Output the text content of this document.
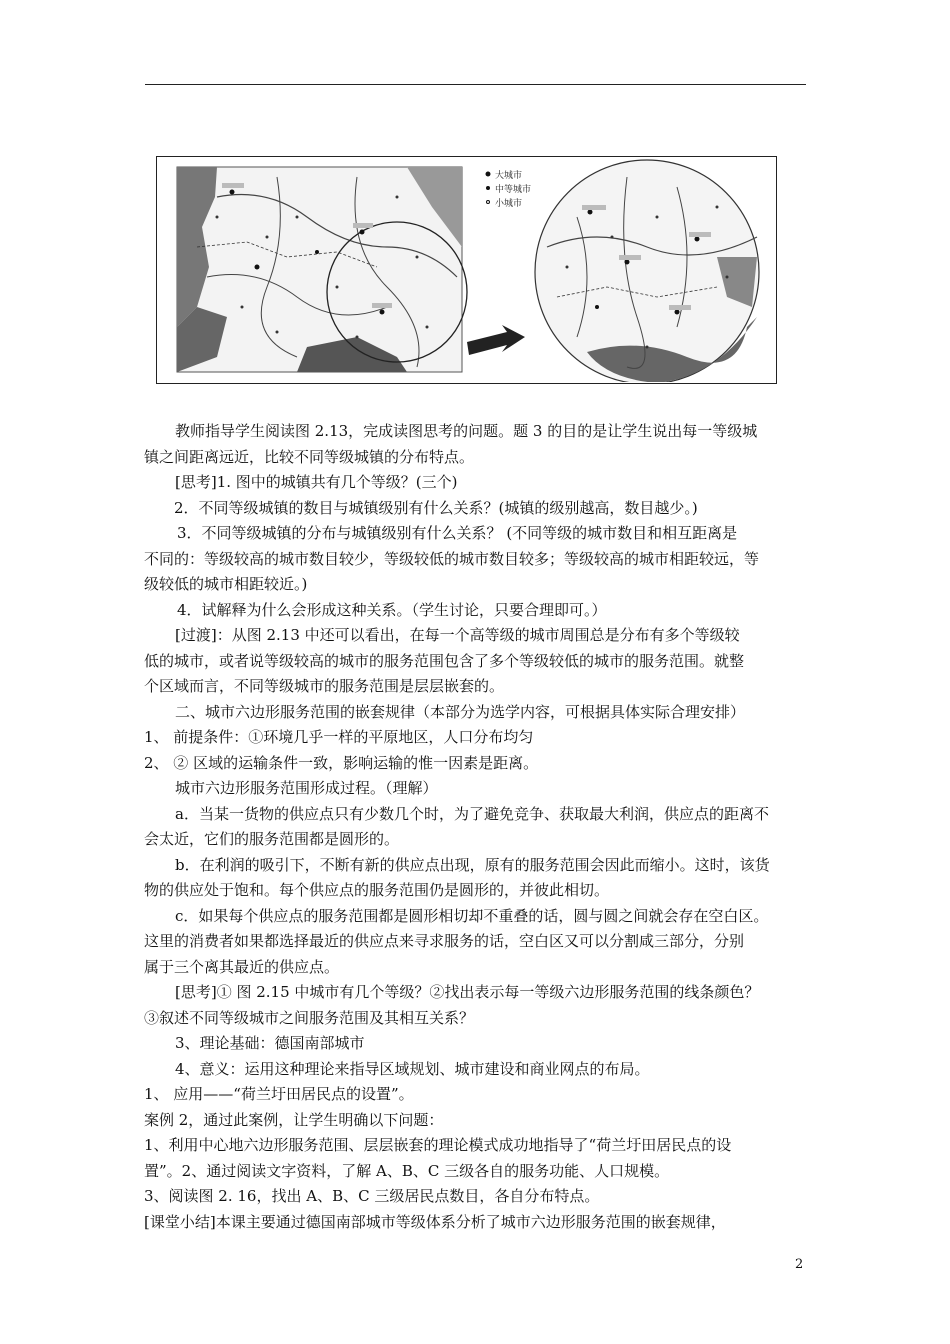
大城市
中等城市
小城市
教师指导学生阅读图 2.13，完成读图思考的问题。题 3 的目的是让学生说出每一等级城
镇之间距离远近，比较不同等级城镇的分布特点。
[思考]1. 图中的城镇共有几个等级？(三个)
2．不同等级城镇的数目与城镇级别有什么关系？(城镇的级别越高，数目越少。)
3．不同等级城镇的分布与城镇级别有什么关系？ (不同等级的城市数目和相互距离是
不同的：等级较高的城市数目较少，等级较低的城市数目较多；等级较高的城市相距较远，等
级较低的城市相距较近。)
4．试解释为什么会形成这种关系。（学生讨论，只要合理即可。）
[过渡]：从图 2.13 中还可以看出，在每一个高等级的城市周围总是分布有多个等级较
低的城市，或者说等级较高的城市的服务范围包含了多个等级较低的城市的服务范围。就整
个区域而言，不同等级城市的服务范围是层层嵌套的。
二、城市六边形服务范围的嵌套规律（本部分为选学内容，可根据具体实际合理安排）
1、 前提条件：①环境几乎一样的平原地区，人口分布均匀
2、 ② 区域的运输条件一致，影响运输的惟一因素是距离。
城市六边形服务范围形成过程。（理解）
a．当某一货物的供应点只有少数几个时，为了避免竞争、获取最大利润，供应点的距离不
会太近，它们的服务范围都是圆形的。
b．在利润的吸引下，不断有新的供应点出现，原有的服务范围会因此而缩小。这时，该货
物的供应处于饱和。每个供应点的服务范围仍是圆形的，并彼此相切。
c．如果每个供应点的服务范围都是圆形相切却不重叠的话，圆与圆之间就会存在空白区。
这里的消费者如果都选择最近的供应点来寻求服务的话，空白区又可以分割咸三部分，分别
属于三个离其最近的供应点。
[思考]① 图 2.15 中城市有几个等级？②找出表示每一等级六边形服务范围的线条颜色？
③叙述不同等级城市之间服务范围及其相互关系？
3、理论基础：德国南部城市
4、意义：运用这种理论来指导区域规划、城市建设和商业网点的布局。
1、 应用——“荷兰圩田居民点的设置”。
案例 2，通过此案例，让学生明确以下问题：
1、利用中心地六边形服务范围、层层嵌套的理论模式成功地指导了“荷兰圩田居民点的设
置”。2、通过阅读文字资料，了解 A、B、C 三级各自的服务功能、人口规模。
3、阅读图 2. 16，找出 A、B、C 三级居民点数目，各自分布特点。
[课堂小结]本课主要通过德国南部城市等级体系分析了城市六边形服务范围的嵌套规律，
2
